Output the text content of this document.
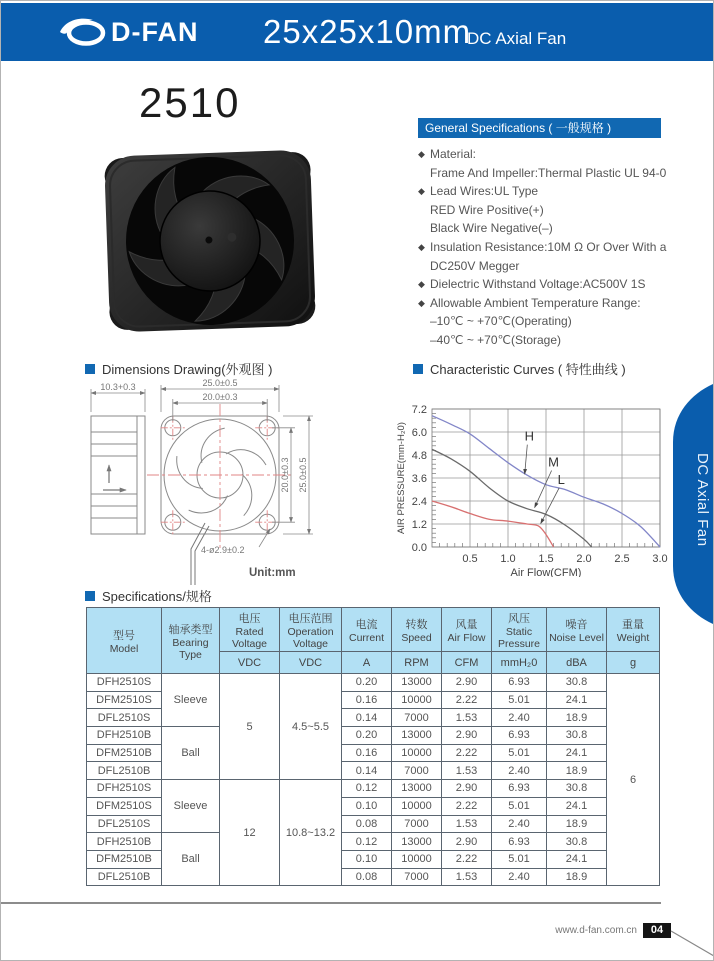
D-FAN 25x25x10mm
DC Axial Fan
2510
General Specifications ( 一般规格 )
◆ Material:
Frame And Impeller:Thermal Plastic UL 94-0
◆ Lead Wires:UL Type
RED Wire Positive(+)
Black Wire Negative(–)
◆ Insulation Resistance:10M Ω Or Over With a
DC250V Megger
◆ Dielectric Withstand Voltage:AC500V 1S
◆ Allowable Ambient Temperature Range:
–10℃ ~ +70℃(Operating)
–40℃ ~ +70℃(Storage)
Dimensions Drawing(外观图 )	Characteristic Curves ( 特性曲线 )
Specifications/规格
10.3+0.3	25.0±0.5
20.0±0.3
20.0±0.3 25.0±0.5
4-ø2.9±0.2
Unit:mm
0.0
1.2
2.4
3.6
4.8
6.0
7.2
0.5 1.0 1.5 2.0 2.5 3.0
Air Flow(CFM)
AIR PRESSURE(mm-H₂0)	H
M
L	DC Axial Fan
型号
Model

轴承类型
Bearing Type

电压
Rated Voltage

电压范围
Operation Voltage

电流
Current

转数
Speed

风量
Air Flow

风压
Static Pressure

噪音
Noise Level

重量
Weight

		VDC	VDC	A	RPM	CFM	mmH₂0	dBA	g
DFH2510S	Sleeve	5	4.5~5.5	0.20	13000	2.90	6.93	30.8	6
DFM2510S				0.16	10000	2.22	5.01	24.1	
DFL2510S				0.14	7000	1.53	2.40	18.9	
DFH2510B	Ball			0.20	13000	2.90	6.93	30.8	
DFM2510B				0.16	10000	2.22	5.01	24.1	
DFL2510B				0.14	7000	1.53	2.40	18.9	
DFH2510S	Sleeve	12	10.8~13.2	0.12	13000	2.90	6.93	30.8	
DFM2510S				0.10	10000	2.22	5.01	24.1	
DFL2510S				0.08	7000	1.53	2.40	18.9	
DFH2510B	Ball			0.12	13000	2.90	6.93	30.8	
DFM2510B				0.10	10000	2.22	5.01	24.1	
DFL2510B				0.08	7000	1.53	2.40	18.9	
www.d-fan.com.cn	04
